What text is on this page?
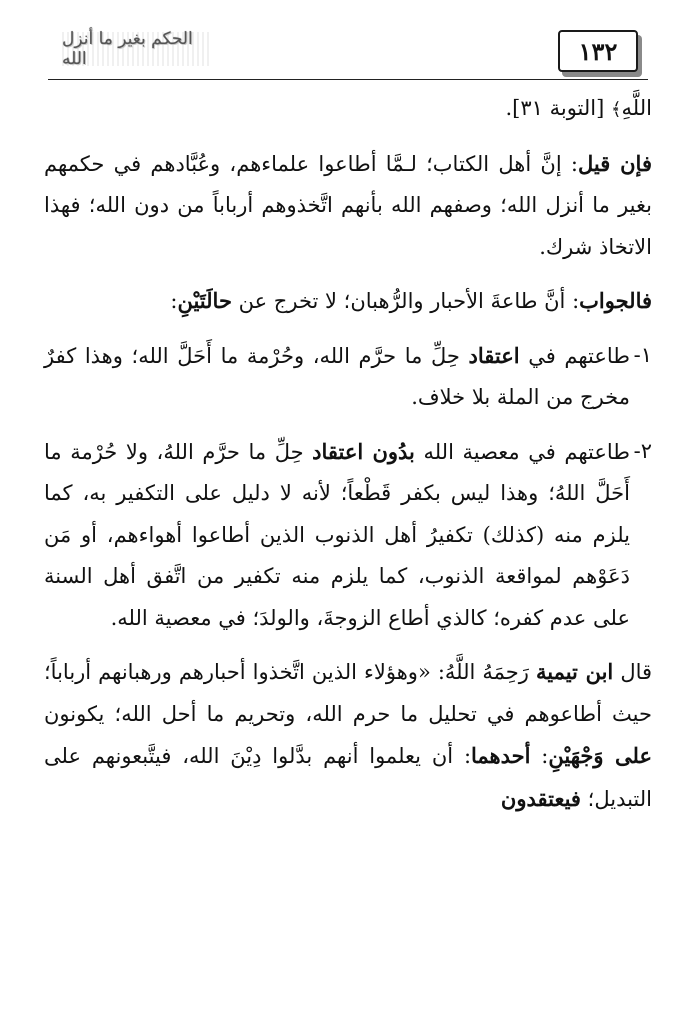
الحكم بغير ما أنزل الله	١٣٢

اللَّهِ﴾ [التوبة ٣١].

فإن قيل: إنَّ أهل الكتاب؛ لـمَّا أطاعوا علماءهم، وعُبَّادهم في حكمهم بغير ما أنزل الله؛ وصفهم الله بأنهم اتَّخذوهم أرباباً من دون الله؛ فهذا الاتخاذ شرك.

فالجواب: أنَّ طاعةَ الأحبار والرُّهبان؛ لا تخرج عن حالَتَيْنِ:

١-
طاعتهم في اعتقاد حِلِّ ما حرَّم الله، وحُرْمة ما أَحَلَّ الله؛ وهذا كفرٌ مخرج من الملة بلا خلاف.

٢-
طاعتهم في معصية الله بدُون اعتقاد حِلِّ ما حرَّم اللهُ، ولا حُرْمة ما أَحَلَّ اللهُ؛ وهذا ليس بكفر قَطْعاً؛ لأنه لا دليل على التكفير به، كما يلزم منه (كذلك) تكفيرُ أهل الذنوب الذين أطاعوا أهواءهم، أو مَن دَعَوْهم لمواقعة الذنوب، كما يلزم منه تكفير من اتَّفق أهل السنة على عدم كفره؛ كالذي أطاع الزوجةَ، والولدَ؛ في معصية الله.

قال ابن تيمية رَحِمَهُ اللَّهُ: «وهؤلاء الذين اتَّخذوا أحبارهم ورهبانهم أرباباً؛ حيث أطاعوهم في تحليل ما حرم الله، وتحريم ما أحل الله؛ يكونون على وَجْهَيْنِ: أحدهما: أن يعلموا أنهم بدَّلوا دِيْنَ الله، فيتَّبعونهم على التبديل؛ فيعتقدون
